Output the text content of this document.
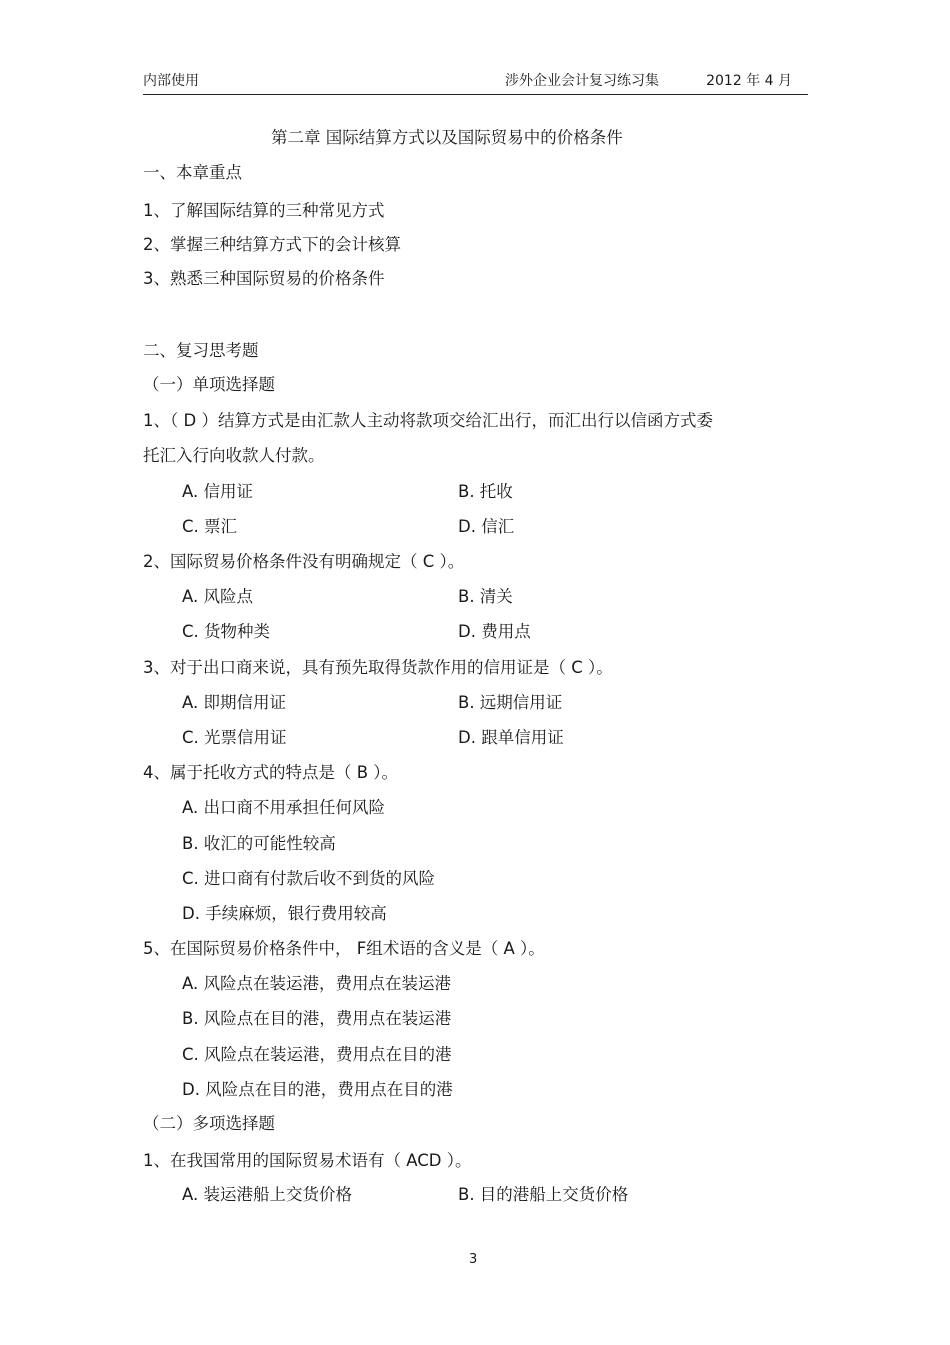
内部使用	涉外企业会计复习练习集	2012 年 4 月
第二章 国际结算方式以及国际贸易中的价格条件
一、本章重点
1、了解国际结算的三种常见方式
2、掌握三种结算方式下的会计核算
3、熟悉三种国际贸易的价格条件
二、复习思考题
（一）单项选择题
1、（ D ）结算方式是由汇款人主动将款项交给汇出行，而汇出行以信函方式委
托汇入行向收款人付款。
A. 信用证	B. 托收
C. 票汇	D. 信汇
2、国际贸易价格条件没有明确规定（ C ）。
A. 风险点	B. 清关
C. 货物种类	D. 费用点
3、对于出口商来说，具有预先取得货款作用的信用证是（ C ）。
A. 即期信用证	B. 远期信用证
C. 光票信用证	D. 跟单信用证
4、属于托收方式的特点是（ B ）。
A. 出口商不用承担任何风险
B. 收汇的可能性较高
C. 进口商有付款后收不到货的风险
D. 手续麻烦，银行费用较高
5、在国际贸易价格条件中， F组术语的含义是（ A ）。
A. 风险点在装运港，费用点在装运港
B. 风险点在目的港，费用点在装运港
C. 风险点在装运港，费用点在目的港
D. 风险点在目的港，费用点在目的港
（二）多项选择题
1、在我国常用的国际贸易术语有（ ACD ）。
A. 装运港船上交货价格	B. 目的港船上交货价格
3
